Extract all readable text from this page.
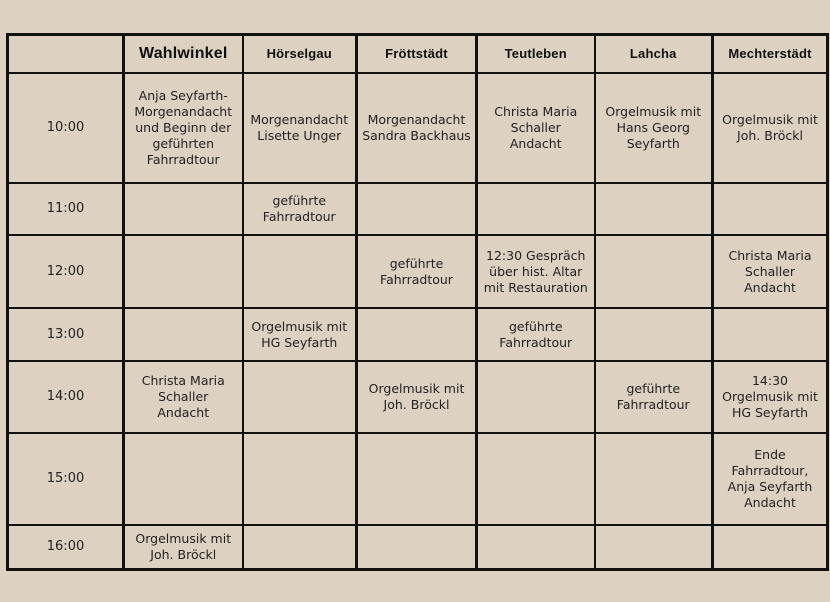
	Wahlwinkel	Hörselgau	Fröttstädt	Teutleben	Lahcha	Mechterstädt
10:00	Anja Seyfarth-
Morgenandacht
und Beginn der
geführten
Fahrradtour	Morgenandacht
Lisette Unger	Morgenandacht
Sandra Backhaus	Christa Maria
Schaller
Andacht	Orgelmusik mit
Hans Georg
Seyfarth	Orgelmusik mit
Joh. Bröckl
11:00		geführte
Fahrradtour				
12:00			geführte
Fahrradtour	12:30 Gespräch
über hist. Altar
mit Restauration		Christa Maria
Schaller
Andacht
13:00		Orgelmusik mit
HG Seyfarth		geführte
Fahrradtour		
14:00	Christa Maria
Schaller
Andacht		Orgelmusik mit
Joh. Bröckl		geführte
Fahrradtour	14:30
Orgelmusik mit
HG Seyfarth
15:00						Ende
Fahrradtour,
Anja Seyfarth
Andacht
16:00	Orgelmusik mit
Joh. Bröckl					
